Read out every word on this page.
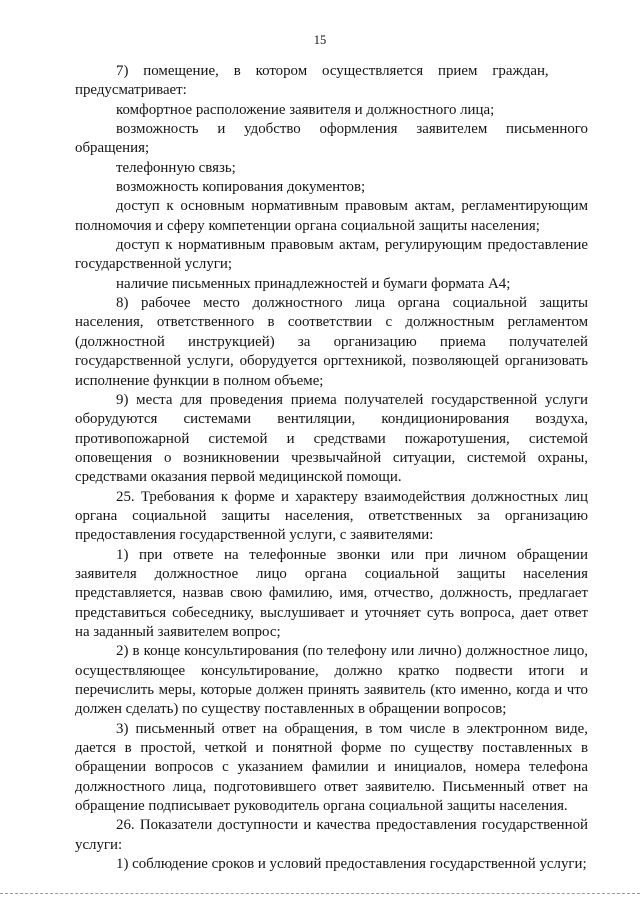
15
7)    помещение,    в    котором    осуществляется    прием    граждан,
предусматривает:
комфортное расположение заявителя и должностного лица;
возможность и удобство оформления заявителем письменного
обращения;
телефонную связь;
возможность копирования документов;
доступ к основным нормативным правовым актам, регламентирующим
полномочия и сферу компетенции органа социальной защиты населения;
доступ к нормативным правовым актам, регулирующим предоставление
государственной услуги;
наличие письменных принадлежностей и бумаги формата А4;
8) рабочее место должностного лица органа социальной защиты
населения, ответственного в соответствии с должностным регламентом
(должностной инструкцией) за организацию приема получателей
государственной услуги, оборудуется оргтехникой, позволяющей организовать
исполнение функции в полном объеме;
9) места для проведения приема получателей государственной услуги
оборудуются системами вентиляции, кондиционирования воздуха,
противопожарной системой и средствами пожаротушения, системой
оповещения о возникновении чрезвычайной ситуации, системой охраны,
средствами оказания первой медицинской помощи.
25. Требования к форме и характеру взаимодействия должностных лиц
органа социальной защиты населения, ответственных за организацию
предоставления государственной услуги, с заявителями:
1) при ответе на телефонные звонки или при личном обращении
заявителя должностное лицо органа социальной защиты населения
представляется, назвав свою фамилию, имя, отчество, должность, предлагает
представиться собеседнику, выслушивает и уточняет суть вопроса, дает ответ
на заданный заявителем вопрос;
2) в конце консультирования (по телефону или лично) должностное лицо,
осуществляющее консультирование, должно кратко подвести итоги и
перечислить меры, которые должен принять заявитель (кто именно, когда и что
должен сделать) по существу поставленных в обращении вопросов;
3) письменный ответ на обращения, в том числе в электронном виде,
дается в простой, четкой и понятной форме по существу поставленных в
обращении вопросов с указанием фамилии и инициалов, номера телефона
должностного лица, подготовившего ответ заявителю. Письменный ответ на
обращение подписывает руководитель органа социальной защиты населения.
26. Показатели доступности и качества предоставления государственной
услуги:
1) соблюдение сроков и условий предоставления государственной услуги;
